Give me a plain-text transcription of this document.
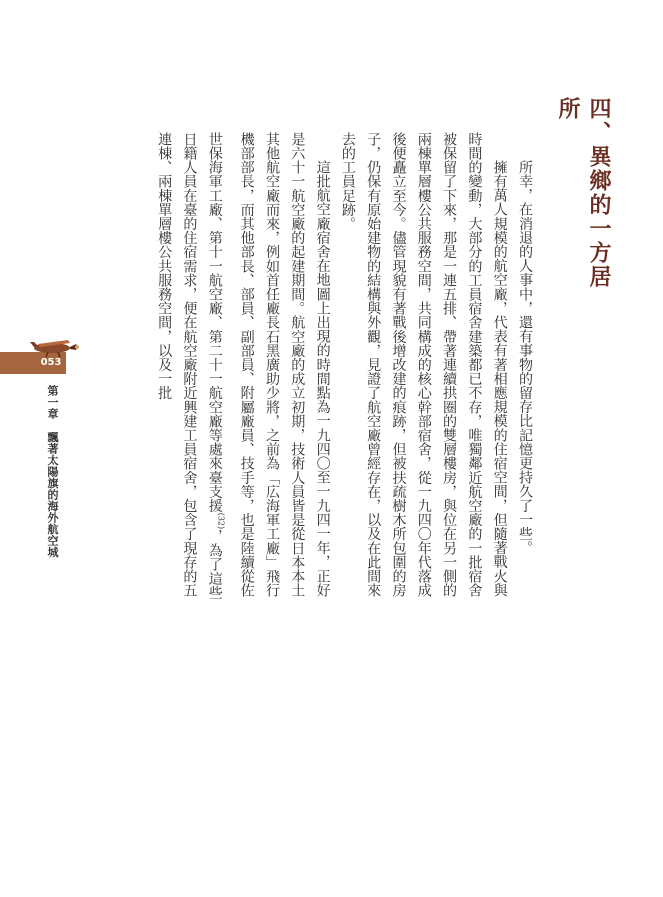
四、異鄉的一方居所

所幸，在消退的人事中，還有事物的留存比記憶更持久了一些。

擁有萬人規模的航空廠，代表有著相應規模的住宿空間，但隨著戰火與時間的變動，大部分的工員宿舍建築都已不存，唯獨鄰近航空廠的一批宿舍被保留了下來，那是一連五排、帶著連續拱圈的雙層樓房，與位在另一側的兩棟單層樓公共服務空間，共同構成的核心幹部宿舍，從一九四〇年代落成後便矗立至今。儘管現貌有著戰後增改建的痕跡，但被扶疏樹木所包圍的房子，仍保有原始建物的結構與外觀，見證了航空廠曾經存在，以及在此間來去的工員足跡。

這批航空廠宿舍在地圖上出現的時間點為一九四〇至一九四一年，正好是六十一航空廠的起建期間。航空廠的成立初期，技術人員皆是從日本本土其他航空廠而來，例如首任廠長石黑廣助少將，之前為「広海軍工廠」飛行機部部長，而其他部長、部員、副部員、附屬廠員、技手等，也是陸續從佐世保海軍工廠、第十一航空廠、第二十一航空廠等處來臺支援$^{(32)}$，為了這些日籍人員在臺的住宿需求，便在航空廠附近興建工員宿舍，包含了現存的五連棟、兩棟單層樓公共服務空間，以及一批

053
第一章飄著太陽旗的海外航空城
